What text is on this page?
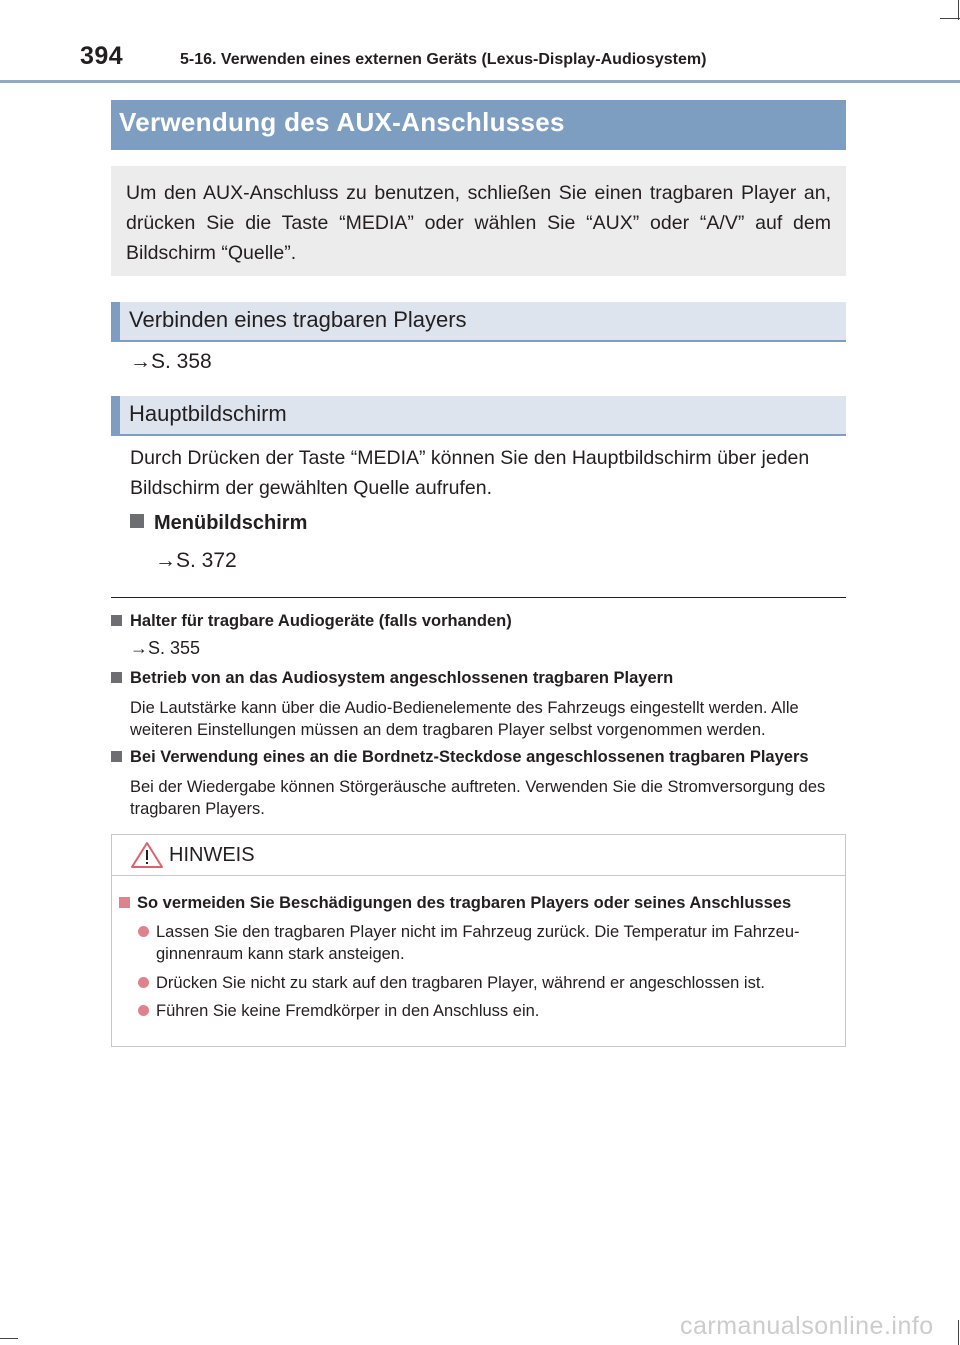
394	5-16. Verwenden eines externen Geräts (Lexus-Display-Audiosystem)
Verwendung des AUX-Anschlusses

Um den AUX-Anschluss zu benutzen, schließen Sie einen tragbaren Player an, drücken Sie die Taste “MEDIA” oder wählen Sie “AUX” oder “A/V” auf dem Bildschirm “Quelle”.

Verbinden eines tragbaren Players
→S. 358
Hauptbildschirm

Durch Drücken der Taste “MEDIA” können Sie den Hauptbildschirm über jeden Bildschirm der gewählten Quelle aufrufen.

Menübildschirm
→S. 372
Halter für tragbare Audiogeräte (falls vorhanden)
→S. 355
Betrieb von an das Audiosystem angeschlossenen tragbaren Playern

Die Lautstärke kann über die Audio-Bedienelemente des Fahrzeugs eingestellt werden. Alle weiteren Einstellungen müssen an dem tragbaren Player selbst vorgenommen werden.

Bei Verwendung eines an die Bordnetz-Steckdose angeschlossenen tragbaren Players

Bei der Wiedergabe können Störgeräusche auftreten. Verwenden Sie die Stromversorgung des tragbaren Players.

HINWEIS
So vermeiden Sie Beschädigungen des tragbaren Players oder seines Anschlusses
Lassen Sie den tragbaren Player nicht im Fahrzeug zurück. Die Temperatur im Fahrzeu-ginnenraum kann stark ansteigen.
Drücken Sie nicht zu stark auf den tragbaren Player, während er angeschlossen ist.
Führen Sie keine Fremdkörper in den Anschluss ein.
carmanualsonline.info
